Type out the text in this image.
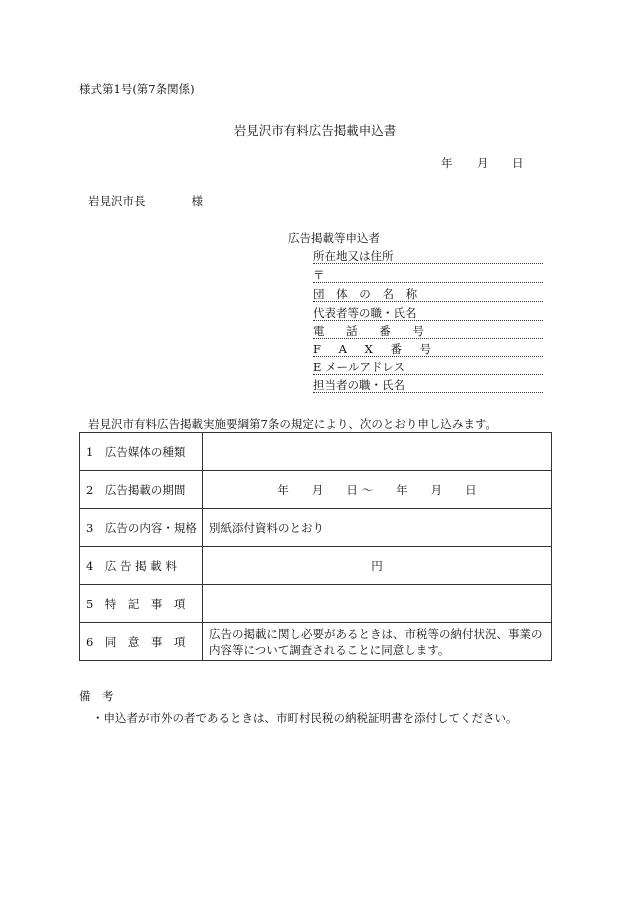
様式第1号(第7条関係)
岩見沢市有料広告掲載申込書
年 月 日
岩見沢市長	様
広告掲載等申込者
所在地又は住所
〒
団 体 の 名 称
代表者等の職・氏名
電 話 番 号
F A X 番 号
E メールアドレス
担当者の職・氏名
岩見沢市有料広告掲載実施要綱第7条の規定により、次のとおり申し込みます。
1　広告媒体の種類	
2　広告掲載の期間	年　　月　　日 ～　　年　　月　　日
3　広告の内容・規格	別紙添付資料のとおり
4　広 告 掲 載 料	円
5　特　記　事　項	
6　同　意　事　項	広告の掲載に関し必要があるときは、市税等の納付状況、事業の内容等について調査されることに同意します。
備　考
・申込者が市外の者であるときは、市町村民税の納税証明書を添付してください。
